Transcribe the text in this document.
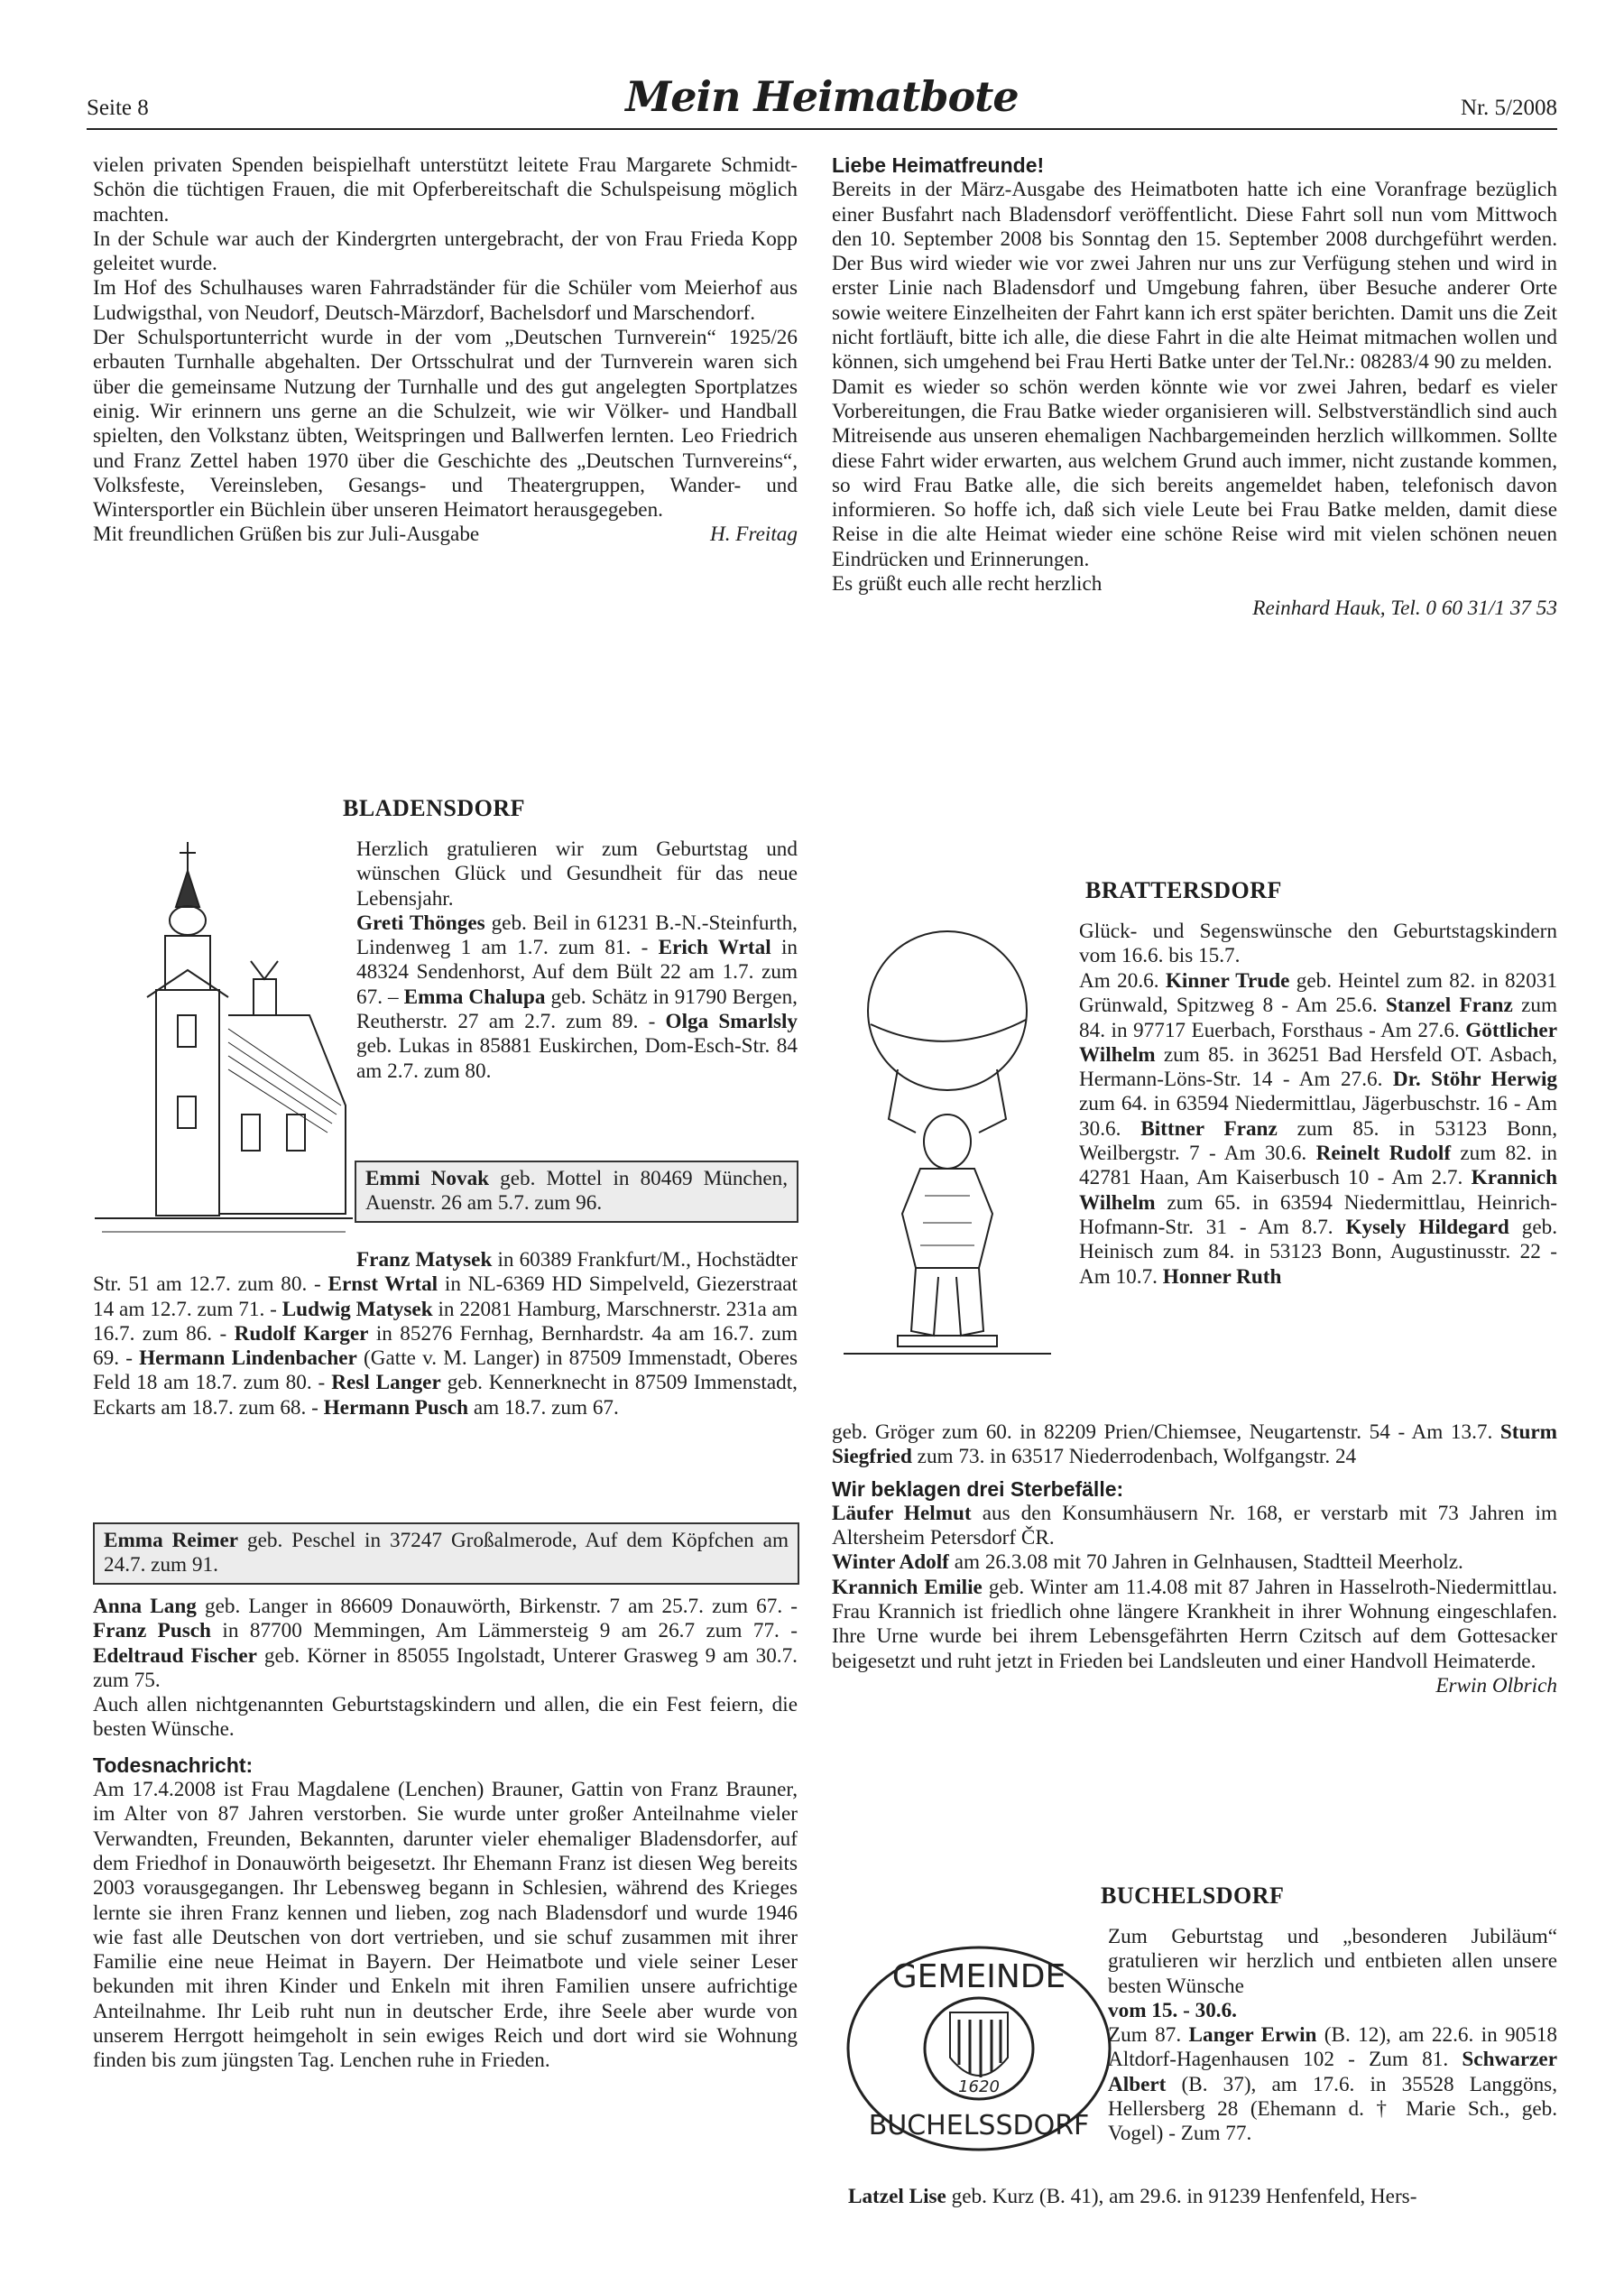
Seite 8	Mein Heimatbote	Nr. 5/2008

vielen privaten Spenden beispielhaft unterstützt leitete Frau Margarete Schmidt-Schön die tüchtigen Frauen, die mit Opferbereitschaft die Schulspeisung möglich machten.

In der Schule war auch der Kindergrten untergebracht, der von Frau Frieda Kopp geleitet wurde.

Im Hof des Schulhauses waren Fahrradständer für die Schüler vom Meierhof aus Ludwigsthal, von Neudorf, Deutsch-Märzdorf, Bachelsdorf und Marschendorf.

Der Schulsportunterricht wurde in der vom „Deutschen Turnverein“ 1925/26 erbauten Turnhalle abgehalten. Der Ortsschulrat und der Turnverein waren sich über die gemeinsame Nutzung der Turnhalle und des gut angelegten Sportplatzes einig. Wir erinnern uns gerne an die Schulzeit, wie wir Völker- und Handball spielten, den Volkstanz übten, Weitspringen und Ballwerfen lernten. Leo Friedrich und Franz Zettel haben 1970 über die Geschichte des „Deutschen Turnvereins“, Volksfeste, Vereinsleben, Gesangs- und Theatergruppen, Wander- und Wintersportler ein Büchlein über unseren Heimatort herausgegeben.

Mit freundlichen Grüßen bis zur Juli-Ausgabe	H. Freitag

BLADENSDORF

Herzlich gratulieren wir zum Geburtstag und wünschen Glück und Gesundheit für das neue Lebensjahr.

Greti Thönges geb. Beil in 61231 B.-N.-Steinfurth, Lindenweg 1 am 1.7. zum 81. - Erich Wrtal in 48324 Sendenhorst, Auf dem Bült 22 am 1.7. zum 67. – Emma Chalupa geb. Schätz in 91790 Bergen, Reutherstr. 27 am 2.7. zum 89. - Olga Smarlsly geb. Lukas in 85881 Euskirchen, Dom-Esch-Str. 84 am 2.7. zum 80.

Emmi Novak geb. Mottel in 80469 München, Auenstr. 26 am 5.7. zum 96.

Franz Matysek in 60389 Frankfurt/M., Hochstädter Str. 51 am 12.7. zum 80. - Ernst Wrtal in NL-6369 HD Simpelveld, Giezerstraat 14 am 12.7. zum 71. - Ludwig Matysek in 22081 Hamburg, Marschnerstr. 231a am 16.7. zum 86. - Rudolf Karger in 85276 Fernhag, Bernhardstr. 4a am 16.7. zum 69. - Hermann Lindenbacher (Gatte v. M. Langer) in 87509 Immenstadt, Oberes Feld 18 am 18.7. zum 80. - Resl Langer geb. Kennerknecht in 87509 Immenstadt, Eckarts am 18.7. zum 68. - Hermann Pusch am 18.7. zum 67.

Emma Reimer geb. Peschel in 37247 Großalmerode, Auf dem Köpfchen am 24.7. zum 91.

Anna Lang geb. Langer in 86609 Donauwörth, Birkenstr. 7 am 25.7. zum 67. - Franz Pusch in 87700 Memmingen, Am Lämmersteig 9 am 26.7 zum 77. - Edeltraud Fischer geb. Körner in 85055 Ingolstadt, Unterer Grasweg 9 am 30.7. zum 75.

Auch allen nichtgenannten Geburtstagskindern und allen, die ein Fest feiern, die besten Wünsche.

Todesnachricht:

Am 17.4.2008 ist Frau Magdalene (Lenchen) Brauner, Gattin von Franz Brauner, im Alter von 87 Jahren verstorben. Sie wurde unter großer Anteilnahme vieler Verwandten, Freunden, Bekannten, darunter vieler ehemaliger Bladensdorfer, auf dem Friedhof in Donauwörth beigesetzt. Ihr Ehemann Franz ist diesen Weg bereits 2003 vorausgegangen. Ihr Lebensweg begann in Schlesien, während des Krieges lernte sie ihren Franz kennen und lieben, zog nach Bladensdorf und wurde 1946 wie fast alle Deutschen von dort vertrieben, und sie schuf zusammen mit ihrer Familie eine neue Heimat in Bayern. Der Heimatbote und viele seiner Leser bekunden mit ihren Kinder und Enkeln mit ihren Familien unsere aufrichtige Anteilnahme. Ihr Leib ruht nun in deutscher Erde, ihre Seele aber wurde von unserem Herrgott heimgeholt in sein ewiges Reich und dort wird sie Wohnung finden bis zum jüngsten Tag. Lenchen ruhe in Frieden.

Liebe Heimatfreunde!

Bereits in der März-Ausgabe des Heimatboten hatte ich eine Voranfrage bezüglich einer Busfahrt nach Bladensdorf veröffentlicht. Diese Fahrt soll nun vom Mittwoch den 10. September 2008 bis Sonntag den 15. September 2008 durchgeführt werden. Der Bus wird wieder wie vor zwei Jahren nur uns zur Verfügung stehen und wird in erster Linie nach Bladensdorf und Umgebung fahren, über Besuche anderer Orte sowie weitere Einzelheiten der Fahrt kann ich erst später berichten. Damit uns die Zeit nicht fortläuft, bitte ich alle, die diese Fahrt in die alte Heimat mitmachen wollen und können, sich umgehend bei Frau Herti Batke unter der Tel.Nr.: 08283/4 90 zu melden.

Damit es wieder so schön werden könnte wie vor zwei Jahren, bedarf es vieler Vorbereitungen, die Frau Batke wieder organisieren will. Selbstverständlich sind auch Mitreisende aus unseren ehemaligen Nachbargemeinden herzlich willkommen. Sollte diese Fahrt wider erwarten, aus welchem Grund auch immer, nicht zustande kommen, so wird Frau Batke alle, die sich bereits angemeldet haben, telefonisch davon informieren. So hoffe ich, daß sich viele Leute bei Frau Batke melden, damit diese Reise in die alte Heimat wieder eine schöne Reise wird mit vielen schönen neuen Eindrücken und Erinnerungen.

Es grüßt euch alle recht herzlich

Reinhard Hauk, Tel. 0 60 31/1 37 53

BRATTERSDORF

Glück- und Segenswünsche den Geburtstagskindern vom 16.6. bis 15.7.

Am 20.6. Kinner Trude geb. Heintel zum 82. in 82031 Grünwald, Spitzweg 8 - Am 25.6. Stanzel Franz zum 84. in 97717 Euerbach, Forsthaus - Am 27.6. Göttlicher Wilhelm zum 85. in 36251 Bad Hersfeld OT. Asbach, Hermann-Löns-Str. 14 - Am 27.6. Dr. Stöhr Herwig zum 64. in 63594 Niedermittlau, Jägerbuschstr. 16 - Am 30.6. Bittner Franz zum 85. in 53123 Bonn, Weilbergstr. 7 - Am 30.6. Reinelt Rudolf zum 82. in 42781 Haan, Am Kaiserbusch 10 - Am 2.7. Krannich Wilhelm zum 65. in 63594 Niedermittlau, Heinrich-Hofmann-Str. 31 - Am 8.7. Kysely Hildegard geb. Heinisch zum 84. in 53123 Bonn, Augustinusstr. 22 - Am 10.7. Honner Ruth

geb. Gröger zum 60. in 82209 Prien/Chiemsee, Neugartenstr. 54 - Am 13.7. Sturm Siegfried zum 73. in 63517 Niederrodenbach, Wolfgangstr. 24

Wir beklagen drei Sterbefälle:

Läufer Helmut aus den Konsumhäusern Nr. 168, er verstarb mit 73 Jahren im Altersheim Petersdorf ČR.

Winter Adolf am 26.3.08 mit 70 Jahren in Gelnhausen, Stadtteil Meerholz.

Krannich Emilie geb. Winter am 11.4.08 mit 87 Jahren in Hasselroth-Niedermittlau. Frau Krannich ist friedlich ohne längere Krankheit in ihrer Wohnung eingeschlafen. Ihre Urne wurde bei ihrem Lebensgefährten Herrn Czitsch auf dem Gottesacker beigesetzt und ruht jetzt in Frieden bei Landsleuten und einer Handvoll Heimaterde.

Erwin Olbrich

BUCHELSDORF
GEMEINDE
1620
BUCHELSSDORF

Zum Geburtstag und „besonderen Jubiläum“ gratulieren wir herzlich und entbieten allen unsere besten Wünsche

vom 15. - 30.6.

Zum 87. Langer Erwin (B. 12), am 22.6. in 90518 Altdorf-Hagenhausen 102 - Zum 81. Schwarzer Albert (B. 37), am 17.6. in 35528 Langgöns, Hellersberg 28 (Ehemann d. † Marie Sch., geb. Vogel) - Zum 77.

Latzel Lise geb. Kurz (B. 41), am 29.6. in 91239 Henfenfeld, Hers-
